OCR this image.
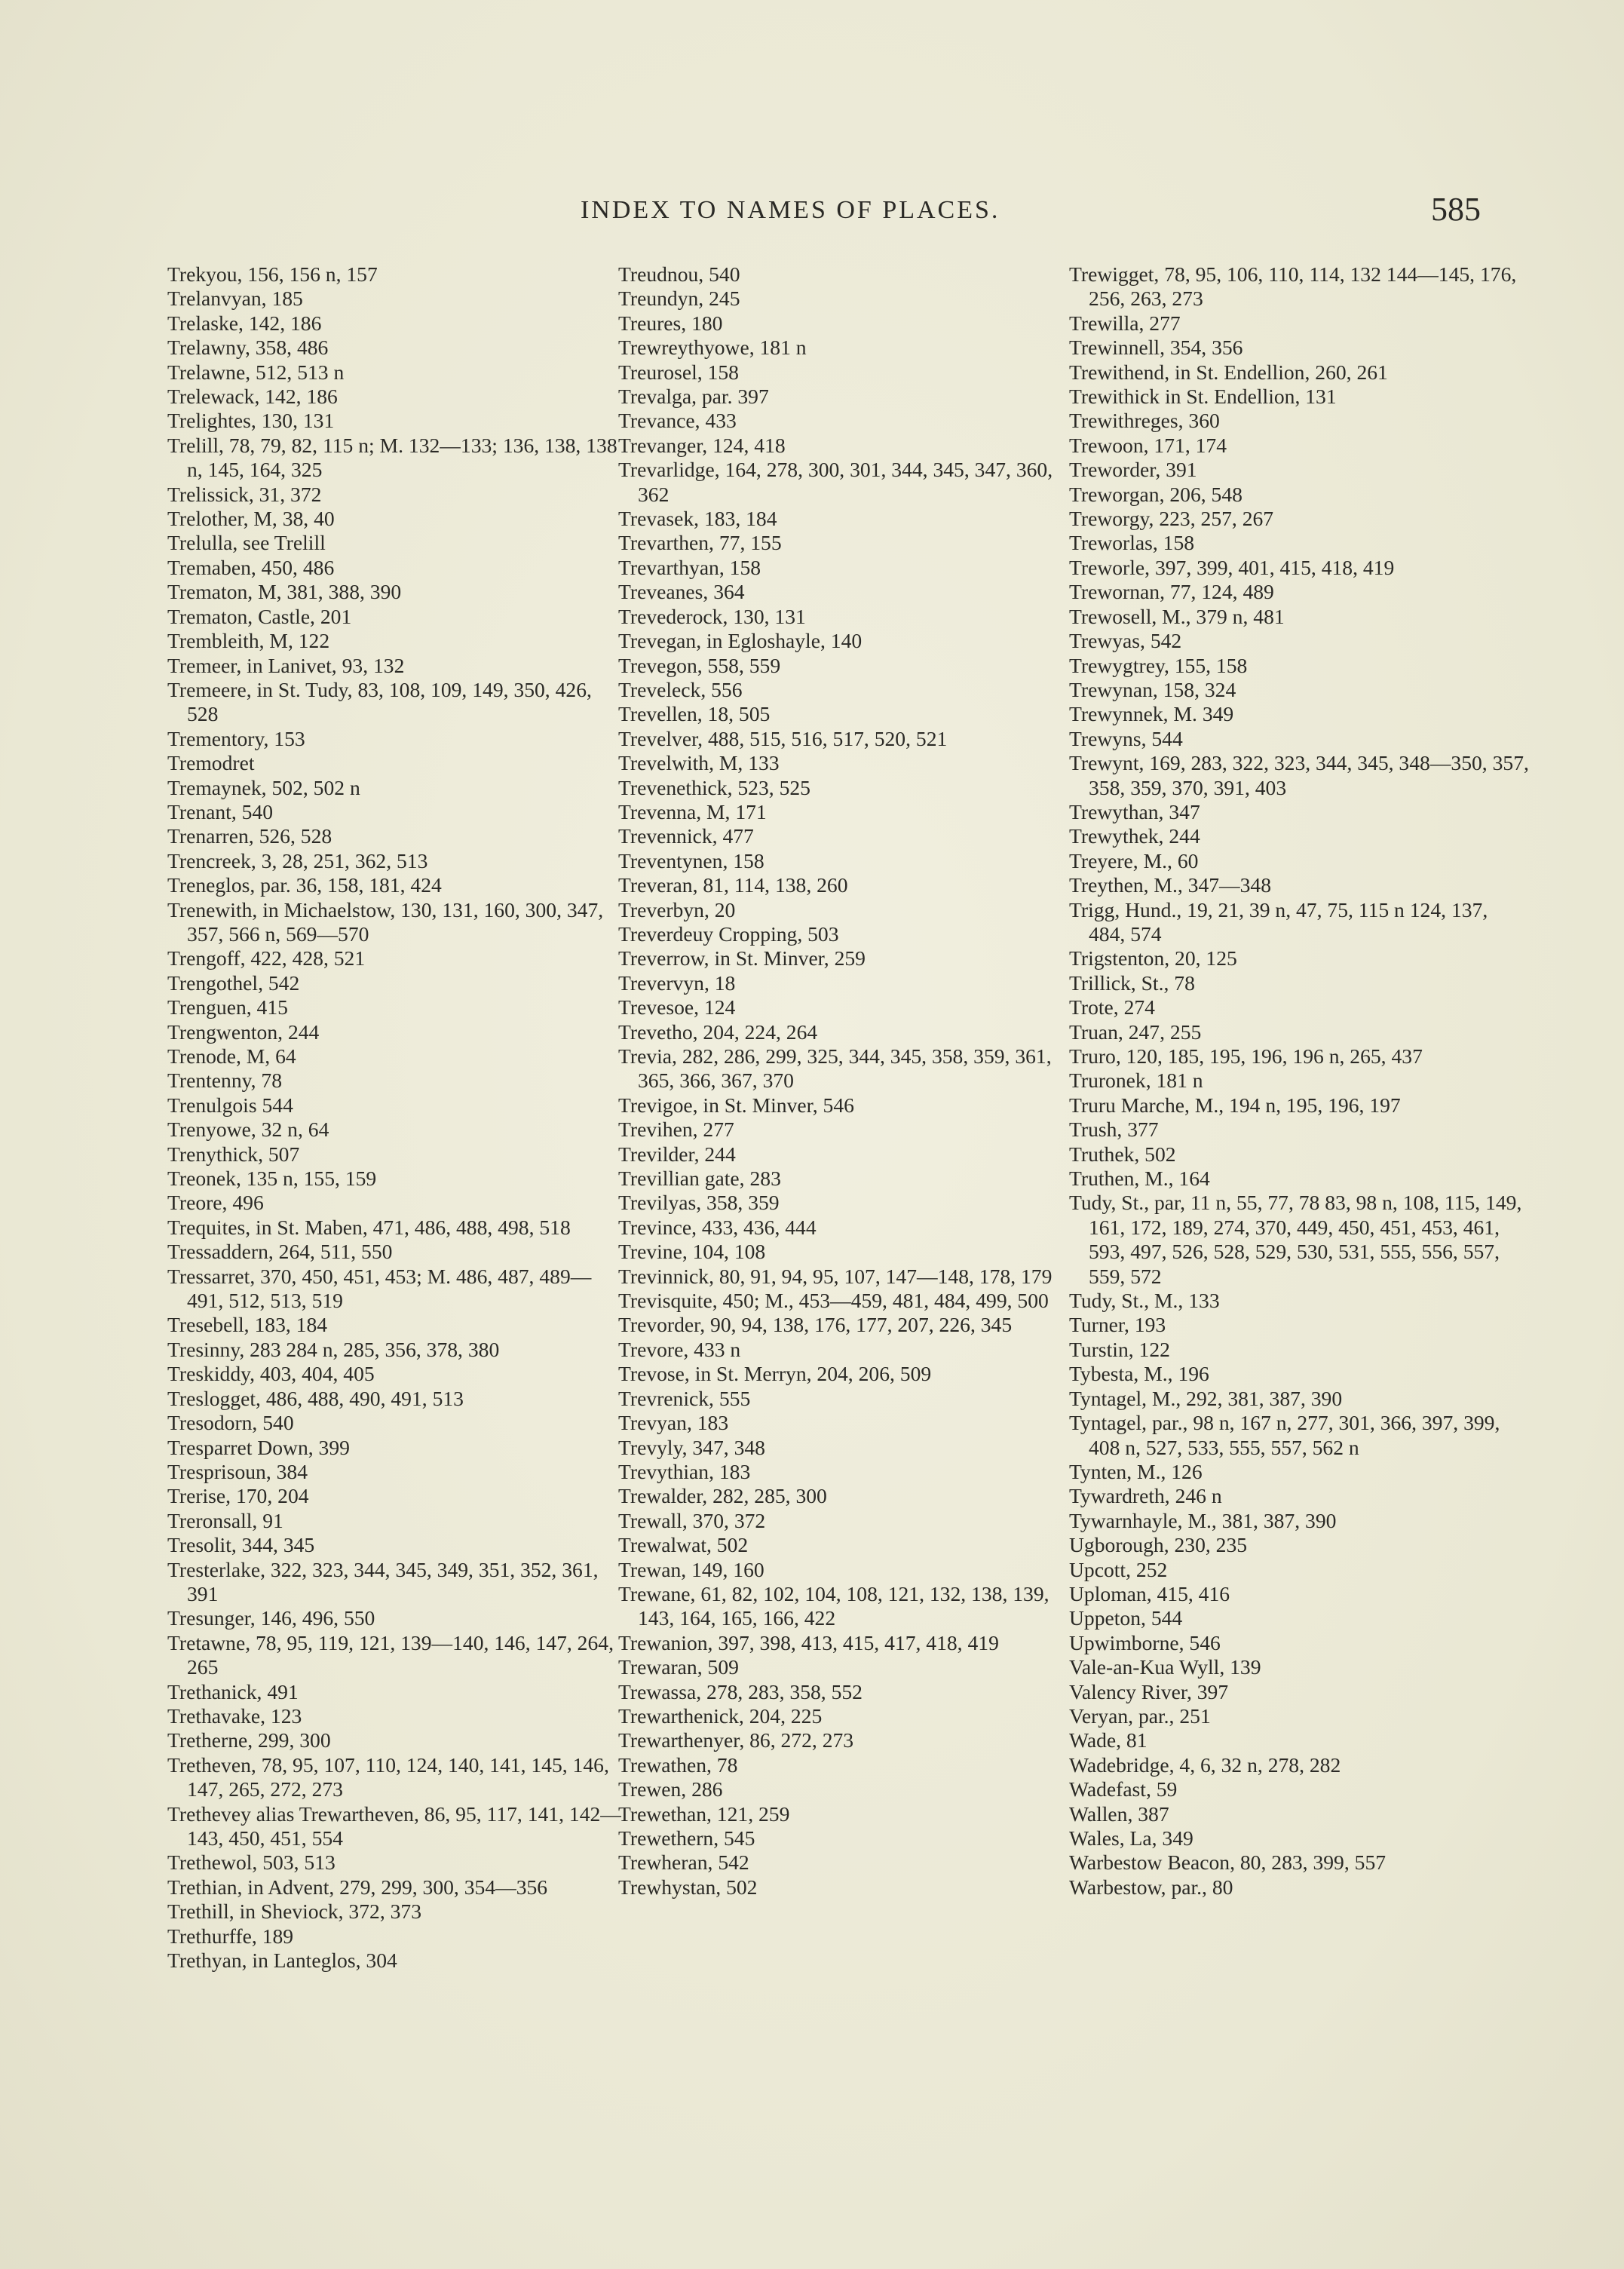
INDEX TO NAMES OF PLACES.	585
Trekyou, 156, 156 n, 157
Trelanvyan, 185
Trelaske, 142, 186
Trelawny, 358, 486
Trelawne, 512, 513 n
Trelewack, 142, 186
Trelightes, 130, 131
Trelill, 78, 79, 82, 115 n; M. 132—133; 136, 138, 138 n, 145, 164, 325
Trelissick, 31, 372
Trelother, M, 38, 40
Trelulla, see Trelill
Tremaben, 450, 486
Trematon, M, 381, 388, 390
Trematon, Castle, 201
Trembleith, M, 122
Tremeer, in Lanivet, 93, 132
Tremeere, in St. Tudy, 83, 108, 109, 149, 350, 426, 528
Trementory, 153
Tremodret
Tremaynek, 502, 502 n
Trenant, 540
Trenarren, 526, 528
Trencreek, 3, 28, 251, 362, 513
Treneglos, par. 36, 158, 181, 424
Trenewith, in Michaelstow, 130, 131, 160, 300, 347, 357, 566 n, 569—570
Trengoff, 422, 428, 521
Trengothel, 542
Trenguen, 415
Trengwenton, 244
Trenode, M, 64
Trentenny, 78
Trenulgois 544
Trenyowe, 32 n, 64
Trenythick, 507
Treonek, 135 n, 155, 159
Treore, 496
Trequites, in St. Maben, 471, 486, 488, 498, 518
Tressaddern, 264, 511, 550
Tressarret, 370, 450, 451, 453; M. 486, 487, 489—491, 512, 513, 519
Tresebell, 183, 184
Tresinny, 283 284 n, 285, 356, 378, 380
Treskiddy, 403, 404, 405
Treslogget, 486, 488, 490, 491, 513
Tresodorn, 540
Tresparret Down, 399
Tresprisoun, 384
Trerise, 170, 204
Treronsall, 91
Tresolit, 344, 345
Tresterlake, 322, 323, 344, 345, 349, 351, 352, 361, 391
Tresunger, 146, 496, 550
Tretawne, 78, 95, 119, 121, 139—140, 146, 147, 264, 265
Trethanick, 491
Trethavake, 123
Tretherne, 299, 300
Tretheven, 78, 95, 107, 110, 124, 140, 141, 145, 146, 147, 265, 272, 273
Trethevey alias Trewartheven, 86, 95, 117, 141, 142—143, 450, 451, 554
Trethewol, 503, 513
Trethian, in Advent, 279, 299, 300, 354—356
Trethill, in Sheviock, 372, 373
Trethurffe, 189
Trethyan, in Lanteglos, 304
Treudnou, 540
Treundyn, 245
Treures, 180
Trewreythyowe, 181 n
Treurosel, 158
Trevalga, par. 397
Trevance, 433
Trevanger, 124, 418
Trevarlidge, 164, 278, 300, 301, 344, 345, 347, 360, 362
Trevasek, 183, 184
Trevarthen, 77, 155
Trevarthyan, 158
Treveanes, 364
Trevederock, 130, 131
Trevegan, in Egloshayle, 140
Trevegon, 558, 559
Treveleck, 556
Trevellen, 18, 505
Trevelver, 488, 515, 516, 517, 520, 521
Trevelwith, M, 133
Trevenethick, 523, 525
Trevenna, M, 171
Trevennick, 477
Treventynen, 158
Treveran, 81, 114, 138, 260
Treverbyn, 20
Treverdeuy Cropping, 503
Treverrow, in St. Minver, 259
Trevervyn, 18
Trevesoe, 124
Trevetho, 204, 224, 264
Trevia, 282, 286, 299, 325, 344, 345, 358, 359, 361, 365, 366, 367, 370
Trevigoe, in St. Minver, 546
Trevihen, 277
Trevilder, 244
Trevillian gate, 283
Trevilyas, 358, 359
Trevince, 433, 436, 444
Trevine, 104, 108
Trevinnick, 80, 91, 94, 95, 107, 147—148, 178, 179
Trevisquite, 450; M., 453—459, 481, 484, 499, 500
Trevorder, 90, 94, 138, 176, 177, 207, 226, 345
Trevore, 433 n
Trevose, in St. Merryn, 204, 206, 509
Trevrenick, 555
Trevyan, 183
Trevyly, 347, 348
Trevythian, 183
Trewalder, 282, 285, 300
Trewall, 370, 372
Trewalwat, 502
Trewan, 149, 160
Trewane, 61, 82, 102, 104, 108, 121, 132, 138, 139, 143, 164, 165, 166, 422
Trewanion, 397, 398, 413, 415, 417, 418, 419
Trewaran, 509
Trewassa, 278, 283, 358, 552
Trewarthenick, 204, 225
Trewarthenyer, 86, 272, 273
Trewathen, 78
Trewen, 286
Trewethan, 121, 259
Trewethern, 545
Trewheran, 542
Trewhystan, 502
Trewigget, 78, 95, 106, 110, 114, 132 144—145, 176, 256, 263, 273
Trewilla, 277
Trewinnell, 354, 356
Trewithend, in St. Endellion, 260, 261
Trewithick in St. Endellion, 131
Trewithreges, 360
Trewoon, 171, 174
Treworder, 391
Treworgan, 206, 548
Treworgy, 223, 257, 267
Treworlas, 158
Treworle, 397, 399, 401, 415, 418, 419
Trewornan, 77, 124, 489
Trewosell, M., 379 n, 481
Trewyas, 542
Trewygtrey, 155, 158
Trewynan, 158, 324
Trewynnek, M. 349
Trewyns, 544
Trewynt, 169, 283, 322, 323, 344, 345, 348—350, 357, 358, 359, 370, 391, 403
Trewythan, 347
Trewythek, 244
Treyere, M., 60
Treythen, M., 347—348
Trigg, Hund., 19, 21, 39 n, 47, 75, 115 n 124, 137, 484, 574
Trigstenton, 20, 125
Trillick, St., 78
Trote, 274
Truan, 247, 255
Truro, 120, 185, 195, 196, 196 n, 265, 437
Truronek, 181 n
Truru Marche, M., 194 n, 195, 196, 197
Trush, 377
Truthek, 502
Truthen, M., 164
Tudy, St., par, 11 n, 55, 77, 78 83, 98 n, 108, 115, 149, 161, 172, 189, 274, 370, 449, 450, 451, 453, 461, 593, 497, 526, 528, 529, 530, 531, 555, 556, 557, 559, 572
Tudy, St., M., 133
Turner, 193
Turstin, 122
Tybesta, M., 196
Tyntagel, M., 292, 381, 387, 390
Tyntagel, par., 98 n, 167 n, 277, 301, 366, 397, 399, 408 n, 527, 533, 555, 557, 562 n
Tynten, M., 126
Tywardreth, 246 n
Tywarnhayle, M., 381, 387, 390
Ugborough, 230, 235
Upcott, 252
Uploman, 415, 416
Uppeton, 544
Upwimborne, 546
Vale-an-Kua Wyll, 139
Valency River, 397
Veryan, par., 251
Wade, 81
Wadebridge, 4, 6, 32 n, 278, 282
Wadefast, 59
Wallen, 387
Wales, La, 349
Warbestow Beacon, 80, 283, 399, 557
Warbestow, par., 80
